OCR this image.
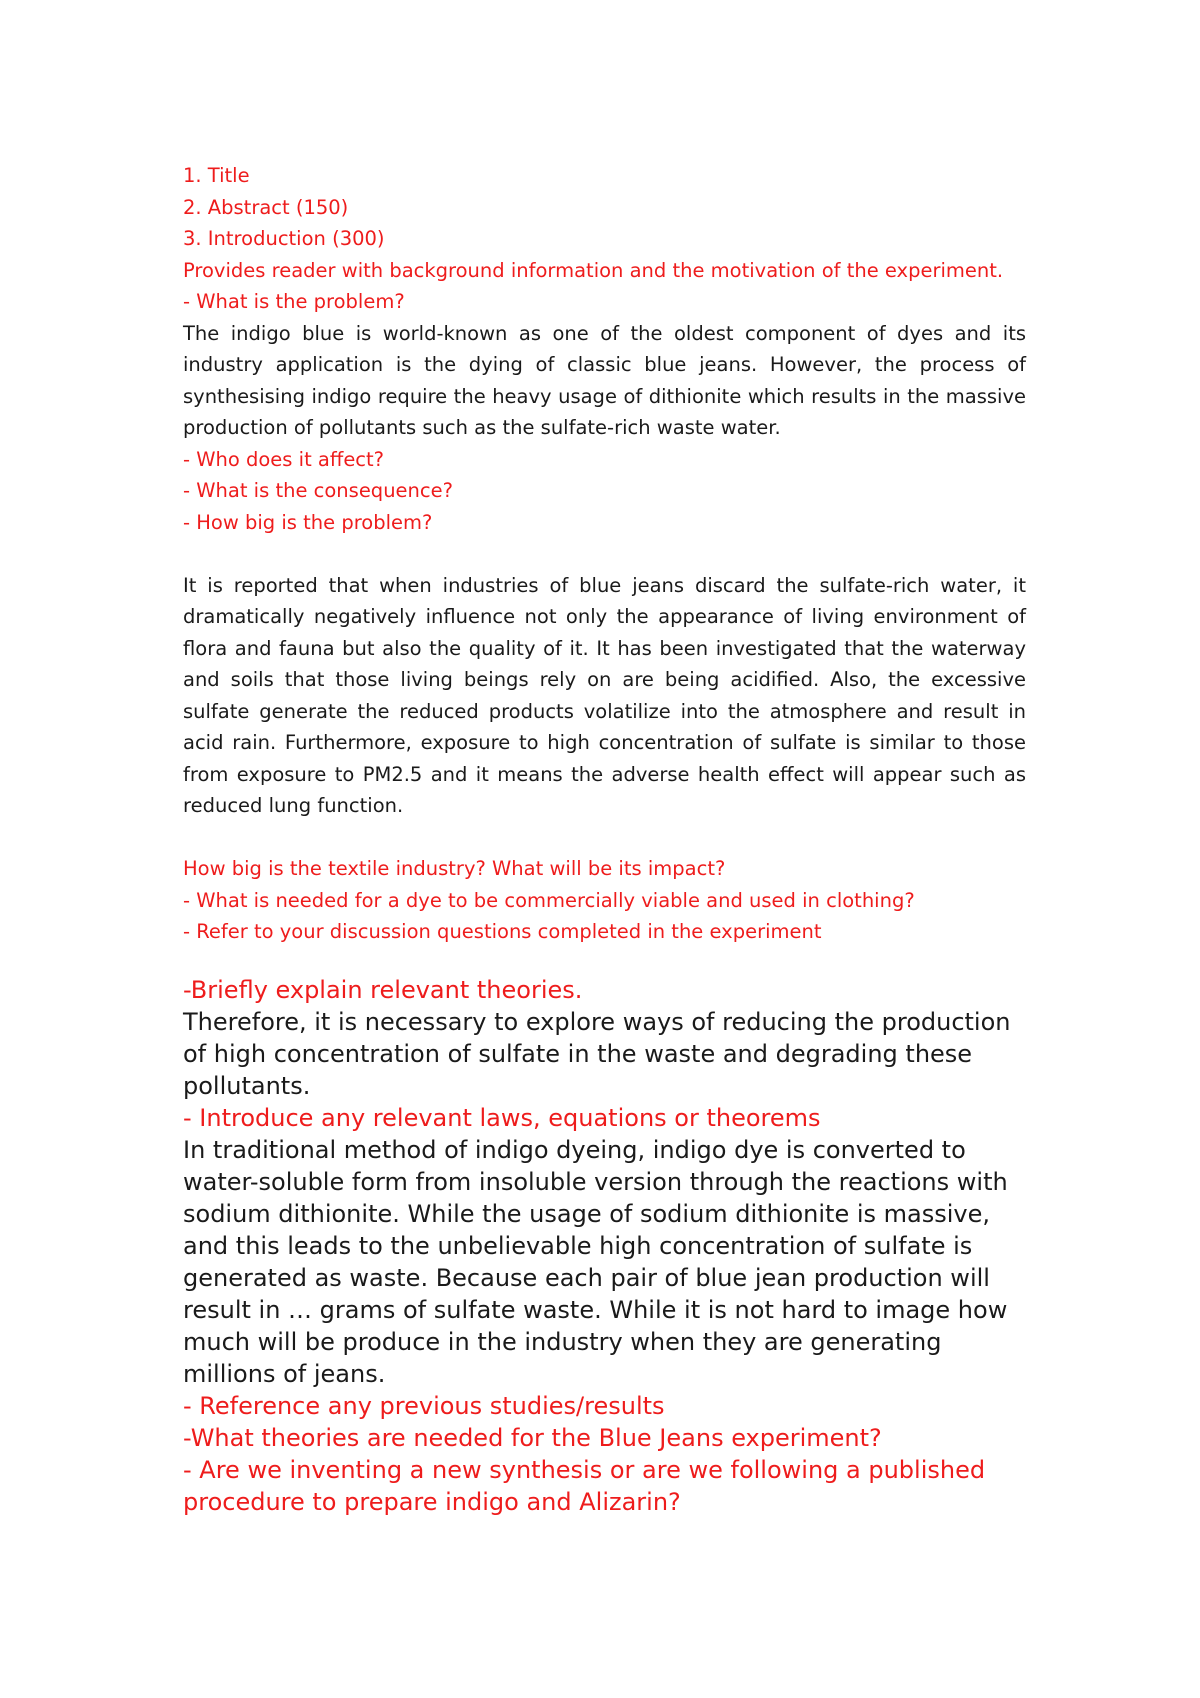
1. Title

2. Abstract (150)

3. Introduction (300)

Provides reader with background information and the motivation of the experiment.

- What is the problem?

The indigo blue is world-known as one of the oldest component of dyes and its industry application is the dying of classic blue jeans. However, the process of synthesising indigo require the heavy usage of dithionite which results in the massive production of pollutants such as the sulfate-rich waste water.

- Who does it affect?

- What is the consequence?

- How big is the problem?

It is reported that when industries of blue jeans discard the sulfate-rich water, it dramatically negatively influence not only the appearance of living environment of flora and fauna but also the quality of it. It has been investigated that the waterway and soils that those living beings rely on are being acidified. Also, the excessive sulfate generate the reduced products volatilize into the atmosphere and result in acid rain. Furthermore, exposure to high concentration of sulfate is similar to those from exposure to PM2.5 and it means the adverse health effect will appear such as reduced lung function.

How big is the textile industry? What will be its impact?

- What is needed for a dye to be commercially viable and used in clothing?

- Refer to your discussion questions completed in the experiment

-Briefly explain relevant theories.

Therefore, it is necessary to explore ways of reducing the production

of high concentration of sulfate in the waste and degrading these

pollutants.

- Introduce any relevant laws, equations or theorems

In traditional method of indigo dyeing, indigo dye is converted to

water-soluble form from insoluble version through the reactions with

sodium dithionite. While the usage of sodium dithionite is massive,

and this leads to the unbelievable high concentration of sulfate is

generated as waste. Because each pair of blue jean production will

result in … grams of sulfate waste. While it is not hard to image how

much will be produce in the industry when they are generating

millions of jeans.

- Reference any previous studies/results

-What theories are needed for the Blue Jeans experiment?

- Are we inventing a new synthesis or are we following a published

procedure to prepare indigo and Alizarin?
